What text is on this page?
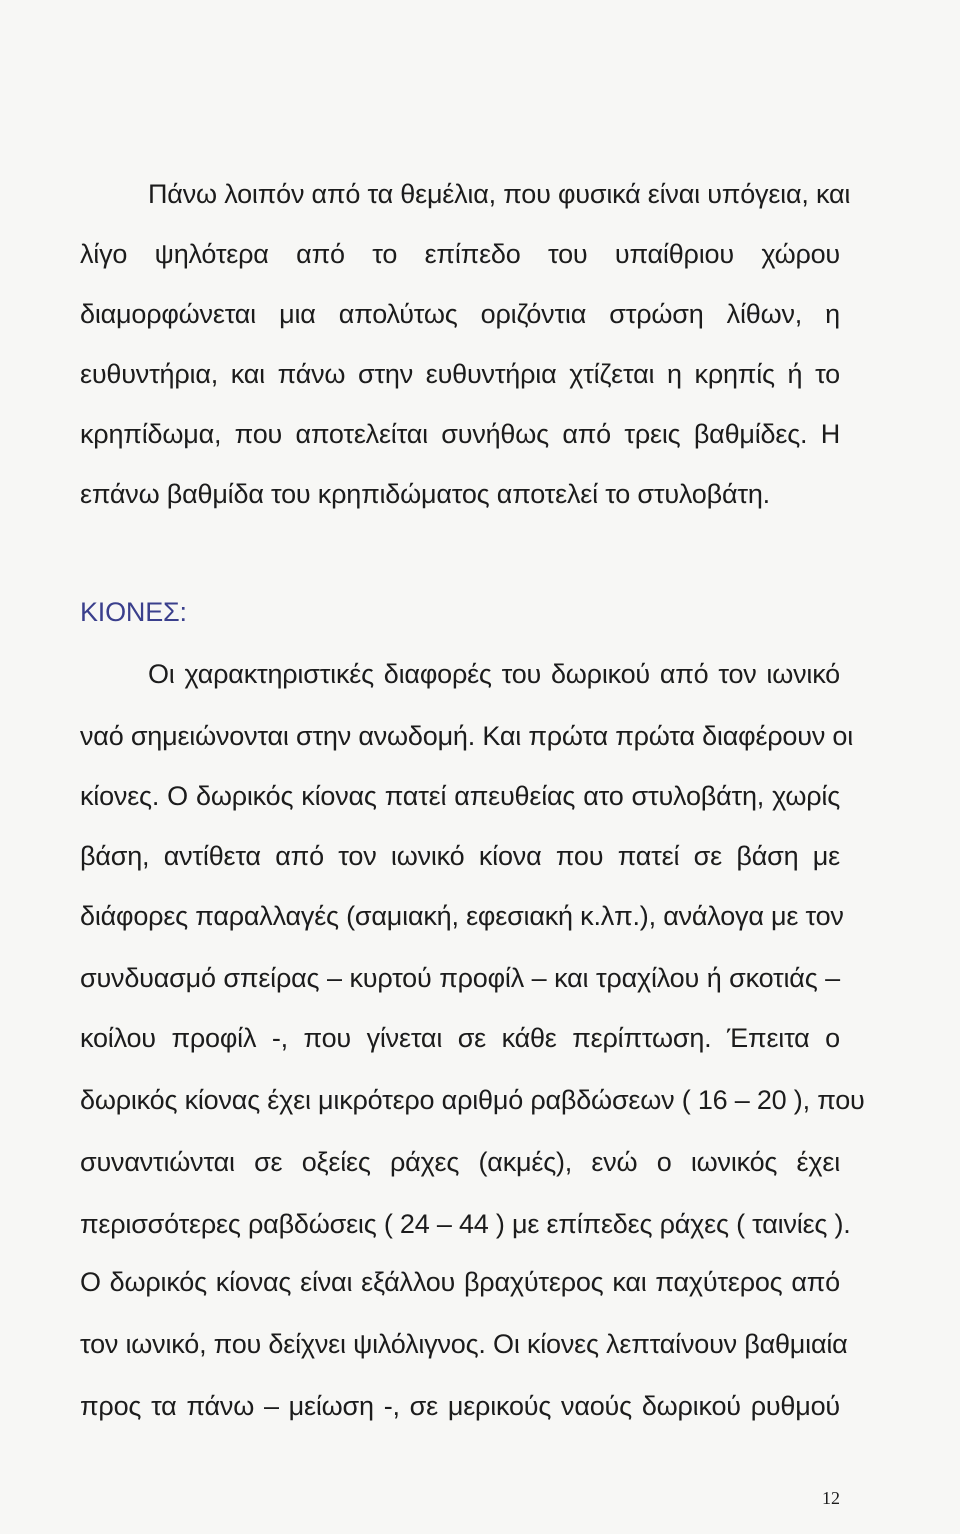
Πάνω λοιπόν από τα θεμέλια, που φυσικά είναι υπόγεια, και
λίγο ψηλότερα από το επίπεδο του υπαίθριου χώρου
διαμορφώνεται μια απολύτως οριζόντια στρώση λίθων, η
ευθυντήρια, και πάνω στην ευθυντήρια χτίζεται η κρηπίς ή το
κρηπίδωμα, που αποτελείται συνήθως από τρεις βαθμίδες. Η
επάνω βαθμίδα του κρηπιδώματος αποτελεί το στυλοβάτη.
ΚΙΟΝΕΣ:
Οι χαρακτηριστικές διαφορές του δωρικού από τον ιωνικό
ναό σημειώνονται στην ανωδομή. Και πρώτα πρώτα διαφέρουν οι
κίονες. Ο δωρικός κίονας πατεί απευθείας ατο στυλοβάτη, χωρίς
βάση, αντίθετα από τον ιωνικό κίονα που πατεί σε βάση με
διάφορες παραλλαγές (σαμιακή, εφεσιακή κ.λπ.), ανάλογα με τον
συνδυασμό σπείρας – κυρτού προφίλ – και τραχίλου ή σκοτιάς –
κοίλου προφίλ -, που γίνεται σε κάθε περίπτωση. Έπειτα ο
δωρικός κίονας έχει μικρότερο αριθμό ραβδώσεων ( 16 – 20 ), που
συναντιώνται σε οξείες ράχες (ακμές), ενώ ο ιωνικός έχει
περισσότερες ραβδώσεις ( 24 – 44 ) με επίπεδες ράχες ( ταινίες ).
Ο δωρικός κίονας είναι εξάλλου βραχύτερος και παχύτερος από
τον ιωνικό, που δείχνει ψιλόλιγνος. Οι κίονες λεπταίνουν βαθμιαία
προς τα πάνω – μείωση -, σε μερικούς ναούς δωρικού ρυθμού
12
